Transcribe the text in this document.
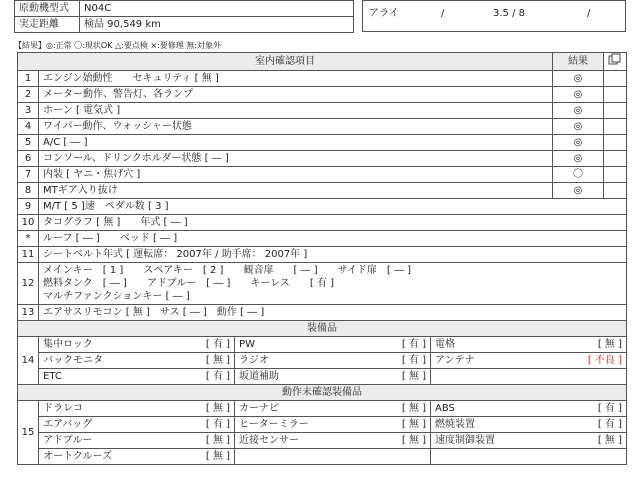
原動機型式	N04C
実走距離	検品 90,549 km
アライ	/	3.5 / 8	/
【結果】◎:正常 〇:現状OK △:要点検 ×:要修理 無:対象外
室内確認項目		結果	
1	エンジン始動性　　セキュリティ [ 無 ]	◎	
2	メーター動作、警告灯、各ランプ	◎	
3	ホーン [ 電気式 ]	◎	
4	ワイパー動作、ウォッシャー状態	◎	
5	A/C [ ― ]	◎	
6	コンソール、ドリンクホルダー状態 [ ― ]	◎	
7	内装 [ ヤニ・焦げ穴 ]	〇	
8	MTギア入り抜け	◎	
9	M/T [ 5 ]速　ペダル数 [ 3 ]		
10	タコグラフ [ 無 ]　　年式 [ ― ]		
*	ルーフ [ ― ]　　ベッド [ ― ]		
11	シートベルト年式 [ 運転席： 2007年 / 助手席： 2007年 ]		
12	メインキー　[ 1 ]　　スペアキー　[ 2 ]　　観音扉　　[ ― ]　　サイド扉　[ ― ]
燃料タンク　[ ― ]　　アドブルー　[ ― ]　　キーレス　　[ 有 ]
マルチファンクションキー [ ― ]		

13	エアサスリモコン [ 無 ]　サス [ ― ]　動作 [ ― ]		
装備品						
14	集中ロック	[ 有 ]	PW	[ 有 ]	電格	[ 無 ]
	バックモニタ	[ 無 ]	ラジオ	[ 有 ]	アンテナ	[ 不良 ]
	ETC	[ 有 ]	坂道補助	[ 無 ]		
動作未確認装備品						
15	ドラレコ	[ 無 ]	カーナビ	[ 無 ]	ABS	[ 有 ]
	エアバッグ	[ 有 ]	ヒーターミラー	[ 無 ]	燃焼装置	[ 有 ]
	アドブルー	[ 無 ]	近接センサー	[ 無 ]	速度制御装置	[ 無 ]
	オートクルーズ	[ 無 ]				
